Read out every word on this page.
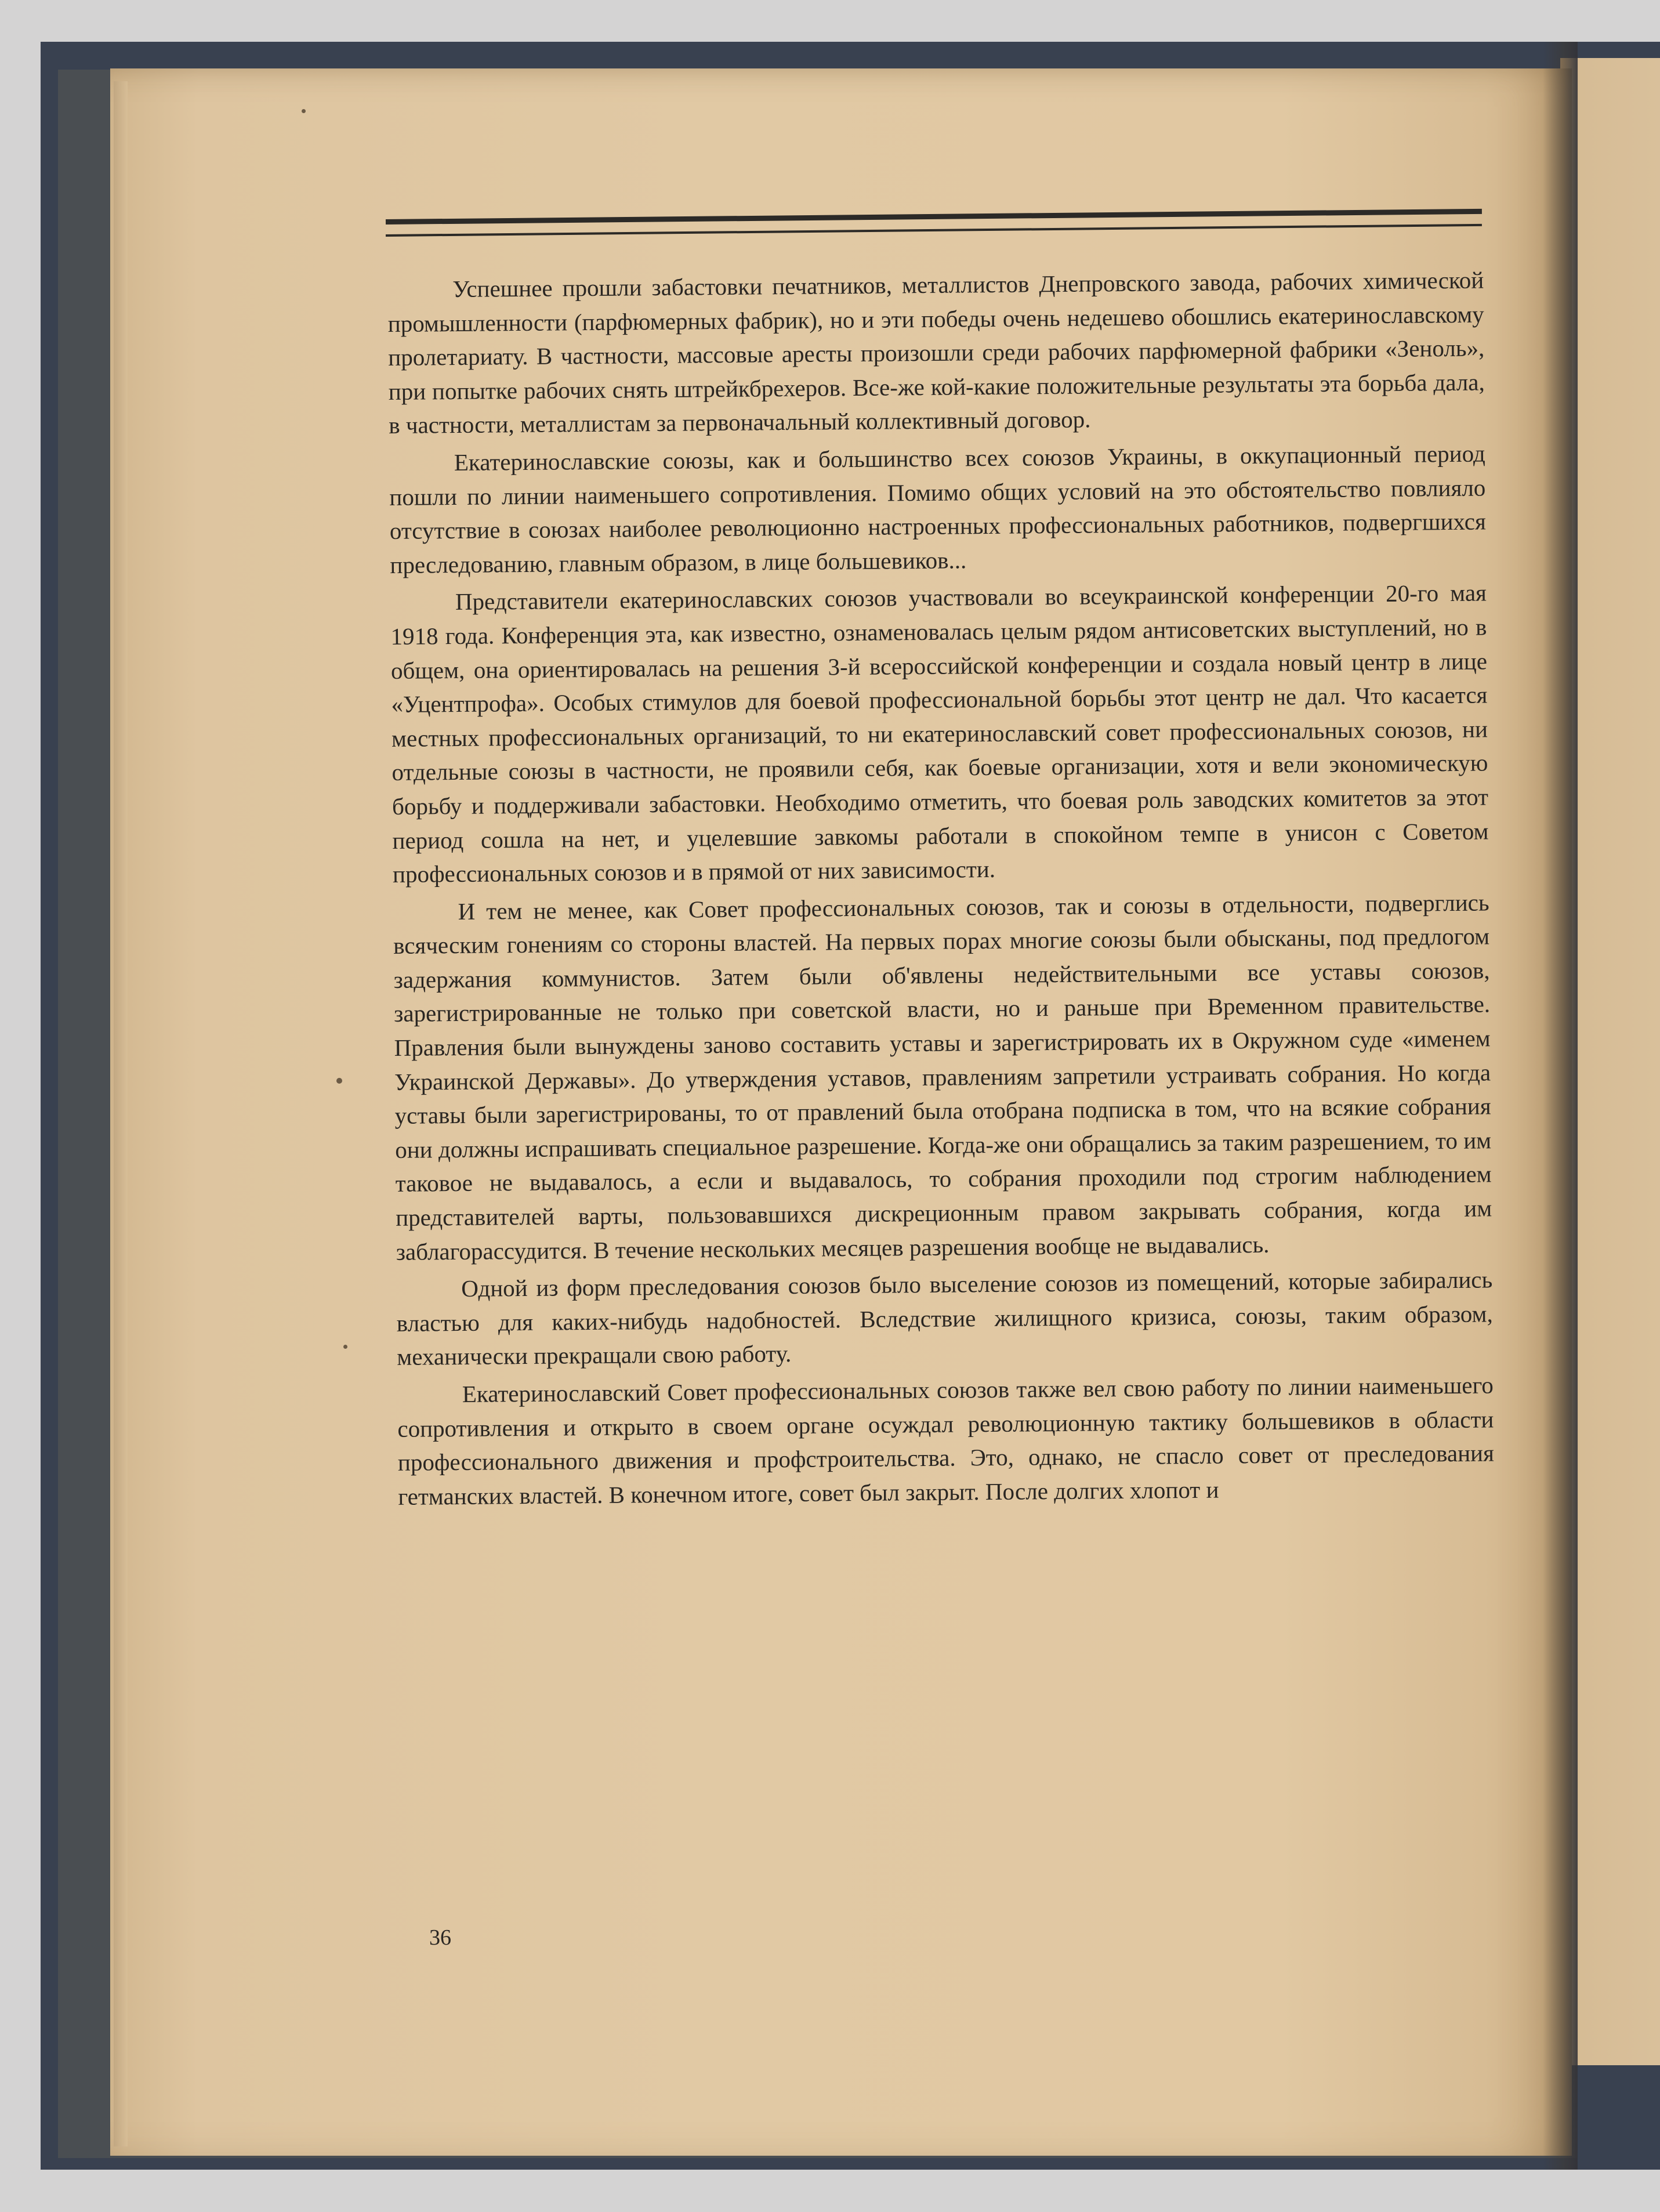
Успешнее прошли забастовки печатников, металлистов Днепровского завода, рабочих химической промышленности (парфюмерных фабрик), но и эти победы очень недешево обошлись екатеринославскому пролетариату. В частности, массовые аресты произошли среди рабочих парфюмерной фабрики «Зеноль», при попытке рабочих снять штрейкбрехеров. Все-же кой-какие положительные результаты эта борьба дала, в частности, металлистам за первоначальный коллективный договор.

Екатеринославские союзы, как и большинство всех союзов Украины, в оккупационный период пошли по линии наименьшего сопротивления. Помимо общих условий на это обстоятельство повлияло отсутствие в союзах наиболее революционно настроенных профессиональных работников, подвергшихся преследованию, главным образом, в лице большевиков...

Представители екатеринославских союзов участвовали во всеукраинской конференции 20-го мая 1918 года. Конференция эта, как известно, ознаменовалась целым рядом антисоветских выступлений, но в общем, она ориентировалась на решения 3-й всероссийской конференции и создала новый центр в лице «Уцентпрофа». Особых стимулов для боевой профессиональной борьбы этот центр не дал. Что касается местных профессиональных организаций, то ни екатеринославский совет профессиональных союзов, ни отдельные союзы в частности, не проявили себя, как боевые организации, хотя и вели экономическую борьбу и поддерживали забастовки. Необходимо отметить, что боевая роль заводских комитетов за этот период сошла на нет, и уцелевшие завкомы работали в спокойном темпе в унисон с Советом профессиональных союзов и в прямой от них зависимости.

И тем не менее, как Совет профессиональных союзов, так и союзы в отдельности, подверглись всяческим гонениям со стороны властей. На первых порах многие союзы были обысканы, под предлогом задержания коммунистов. Затем были об'явлены недействительными все уставы союзов, зарегистрированные не только при советской власти, но и раньше при Временном правительстве. Правления были вынуждены заново составить уставы и зарегистрировать их в Окружном суде «именем Украинской Державы». До утверждения уставов, правлениям запретили устраивать собрания. Но когда уставы были зарегистрированы, то от правлений была отобрана подписка в том, что на всякие собрания они должны испрашивать специальное разрешение. Когда-же они обращались за таким разрешением, то им таковое не выдавалось, а если и выдавалось, то собрания проходили под строгим наблюдением представителей варты, пользовавшихся дискреционным правом закрывать собрания, когда им заблагорассудится. В течение нескольких месяцев разрешения вообще не выдавались.

Одной из форм преследования союзов было выселение союзов из помещений, которые забирались властью для каких-нибудь надобностей. Вследствие жилищного кризиса, союзы, таким образом, механически прекращали свою работу.

Екатеринославский Совет профессиональных союзов также вел свою работу по линии наименьшего сопротивления и открыто в своем органе осуждал революционную тактику большевиков в области профессионального движения и профстроительства. Это, однако, не спасло совет от преследования гетманских властей. В конечном итоге, совет был закрыт. После долгих хлопот и

36
